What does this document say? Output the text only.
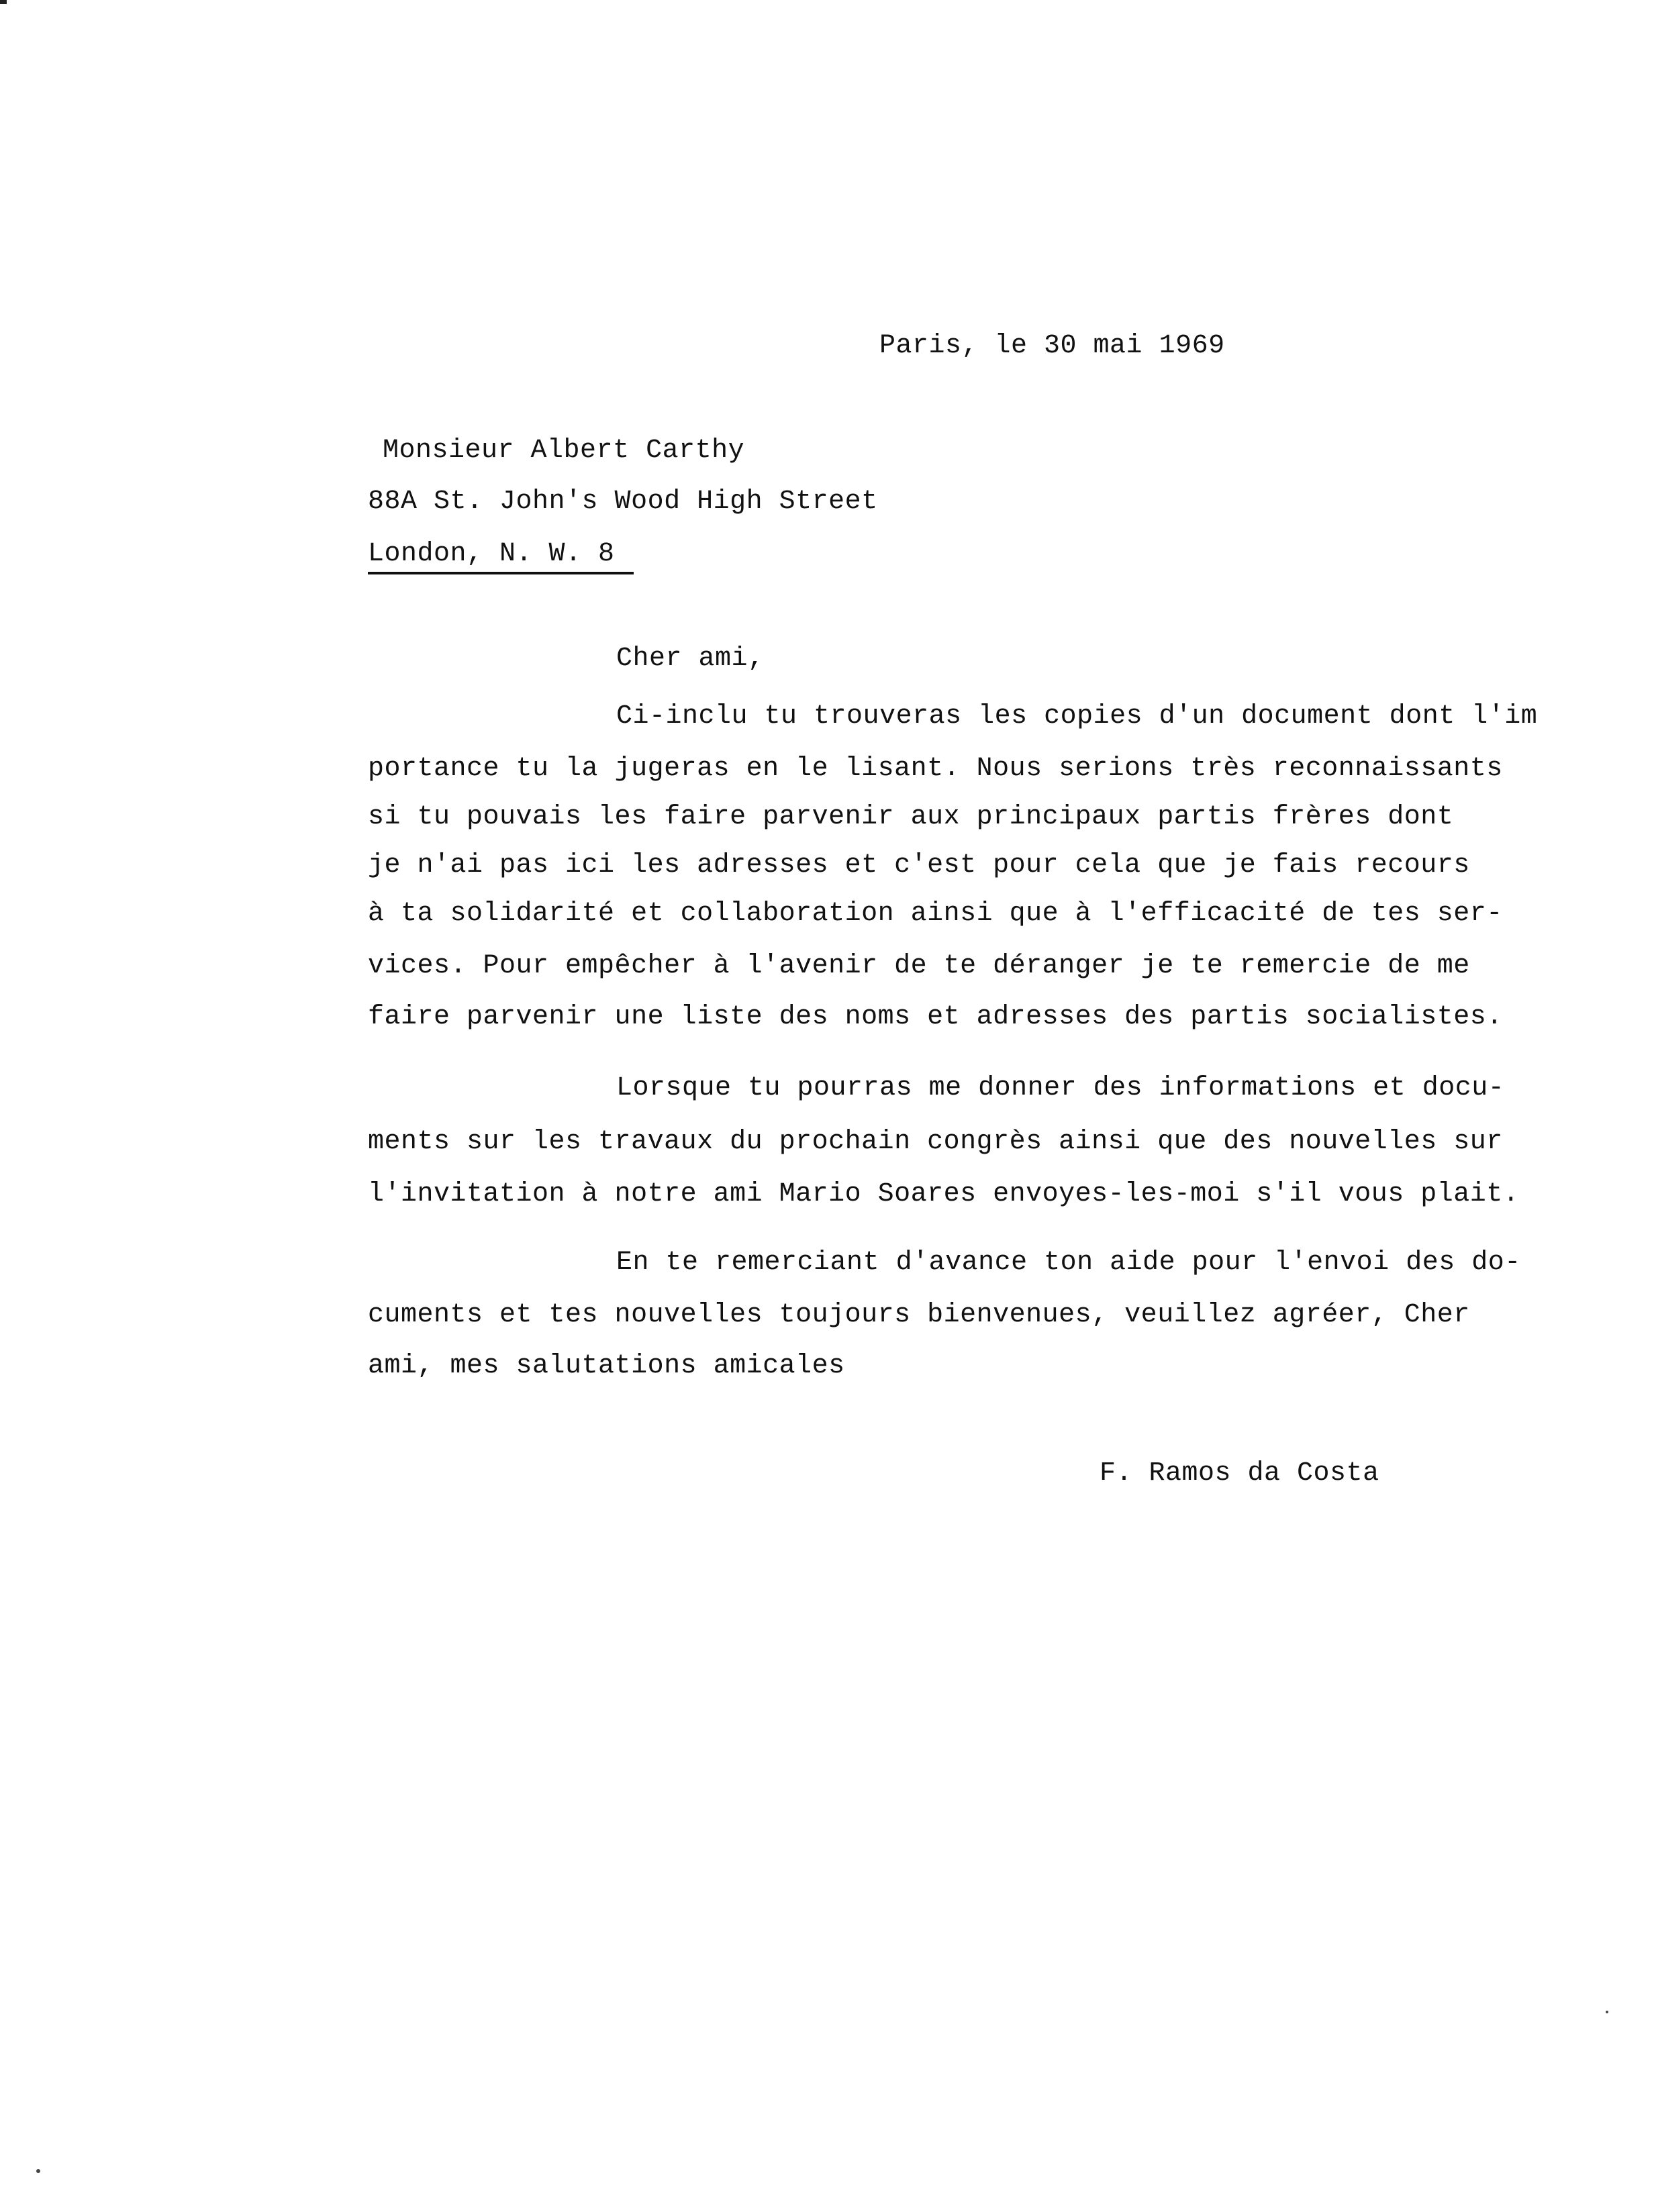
Paris, le 30 mai 1969
Monsieur Albert Carthy
88A St. John's Wood High Street
London, N. W. 8
Cher ami,
Ci-inclu tu trouveras les copies d'un document dont l'im
portance tu la jugeras en le lisant. Nous serions très reconnaissants
si tu pouvais les faire parvenir aux principaux partis frères dont
je n'ai pas ici les adresses et c'est pour cela que je fais recours
à ta solidarité et collaboration ainsi que à l'efficacité de tes ser-
vices. Pour empêcher à l'avenir de te déranger je te remercie de me
faire parvenir une liste des noms et adresses des partis socialistes.
Lorsque tu pourras me donner des informations et docu-
ments sur les travaux du prochain congrès ainsi que des nouvelles sur
l'invitation à notre ami Mario Soares envoyes-les-moi s'il vous plait.
En te remerciant d'avance ton aide pour l'envoi des do-
cuments et tes nouvelles toujours bienvenues, veuillez agréer, Cher
ami, mes salutations amicales
F. Ramos da Costa
